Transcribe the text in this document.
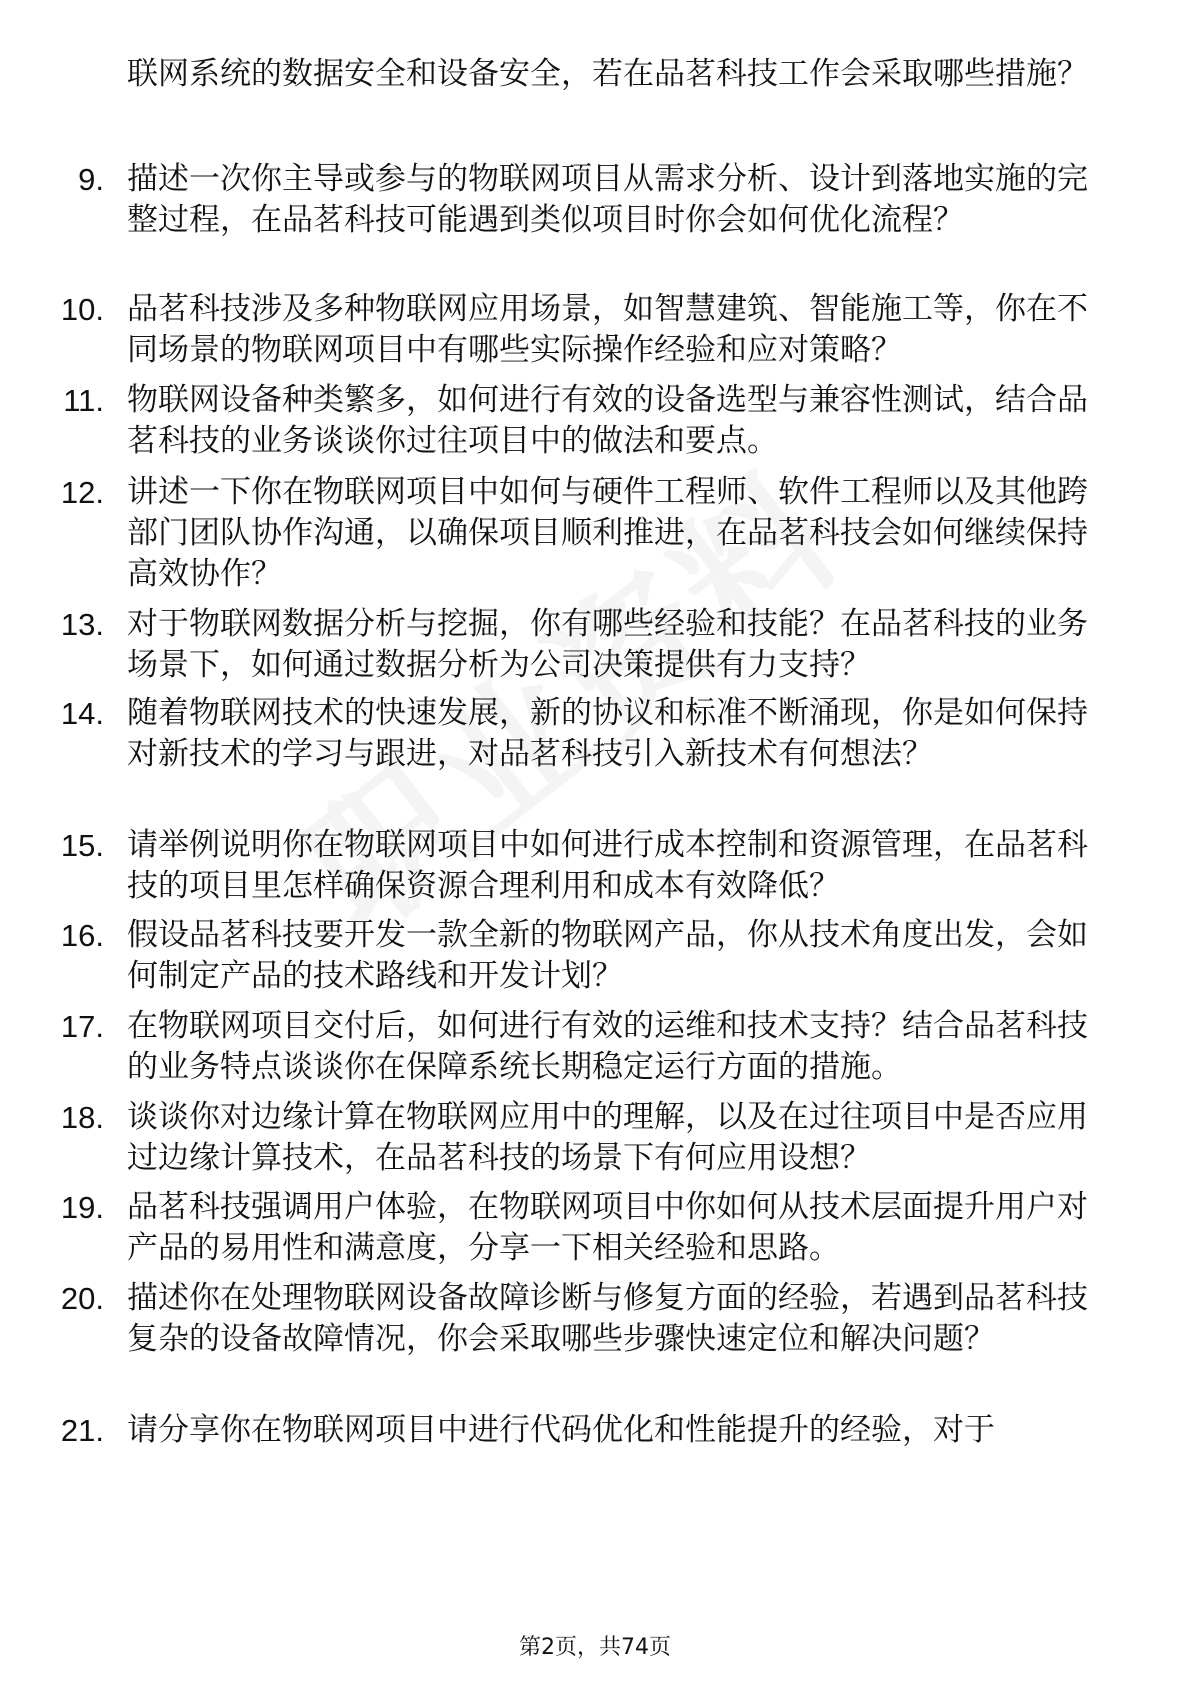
联网系统的数据安全和设备安全，若在品茗科技工作会采取哪些措施？
9. 描述一次你主导或参与的物联网项目从需求分析、设计到落地实施的完整过程，在品茗科技可能遇到类似项目时你会如何优化流程？
10. 品茗科技涉及多种物联网应用场景，如智慧建筑、智能施工等，你在不同场景的物联网项目中有哪些实际操作经验和应对策略？
11. 物联网设备种类繁多，如何进行有效的设备选型与兼容性测试，结合品茗科技的业务谈谈你过往项目中的做法和要点。
12. 讲述一下你在物联网项目中如何与硬件工程师、软件工程师以及其他跨部门团队协作沟通，以确保项目顺利推进，在品茗科技会如何继续保持高效协作？
13. 对于物联网数据分析与挖掘，你有哪些经验和技能？在品茗科技的业务场景下，如何通过数据分析为公司决策提供有力支持？
14. 随着物联网技术的快速发展，新的协议和标准不断涌现，你是如何保持对新技术的学习与跟进，对品茗科技引入新技术有何想法？
15. 请举例说明你在物联网项目中如何进行成本控制和资源管理，在品茗科技的项目里怎样确保资源合理利用和成本有效降低？
16. 假设品茗科技要开发一款全新的物联网产品，你从技术角度出发，会如何制定产品的技术路线和开发计划？
17. 在物联网项目交付后，如何进行有效的运维和技术支持？结合品茗科技的业务特点谈谈你在保障系统长期稳定运行方面的措施。
18. 谈谈你对边缘计算在物联网应用中的理解，以及在过往项目中是否应用过边缘计算技术，在品茗科技的场景下有何应用设想？
19. 品茗科技强调用户体验，在物联网项目中你如何从技术层面提升用户对产品的易用性和满意度，分享一下相关经验和思路。
20. 描述你在处理物联网设备故障诊断与修复方面的经验，若遇到品茗科技复杂的设备故障情况，你会采取哪些步骤快速定位和解决问题？
21. 请分享你在物联网项目中进行代码优化和性能提升的经验，对于
第2页，共74页
